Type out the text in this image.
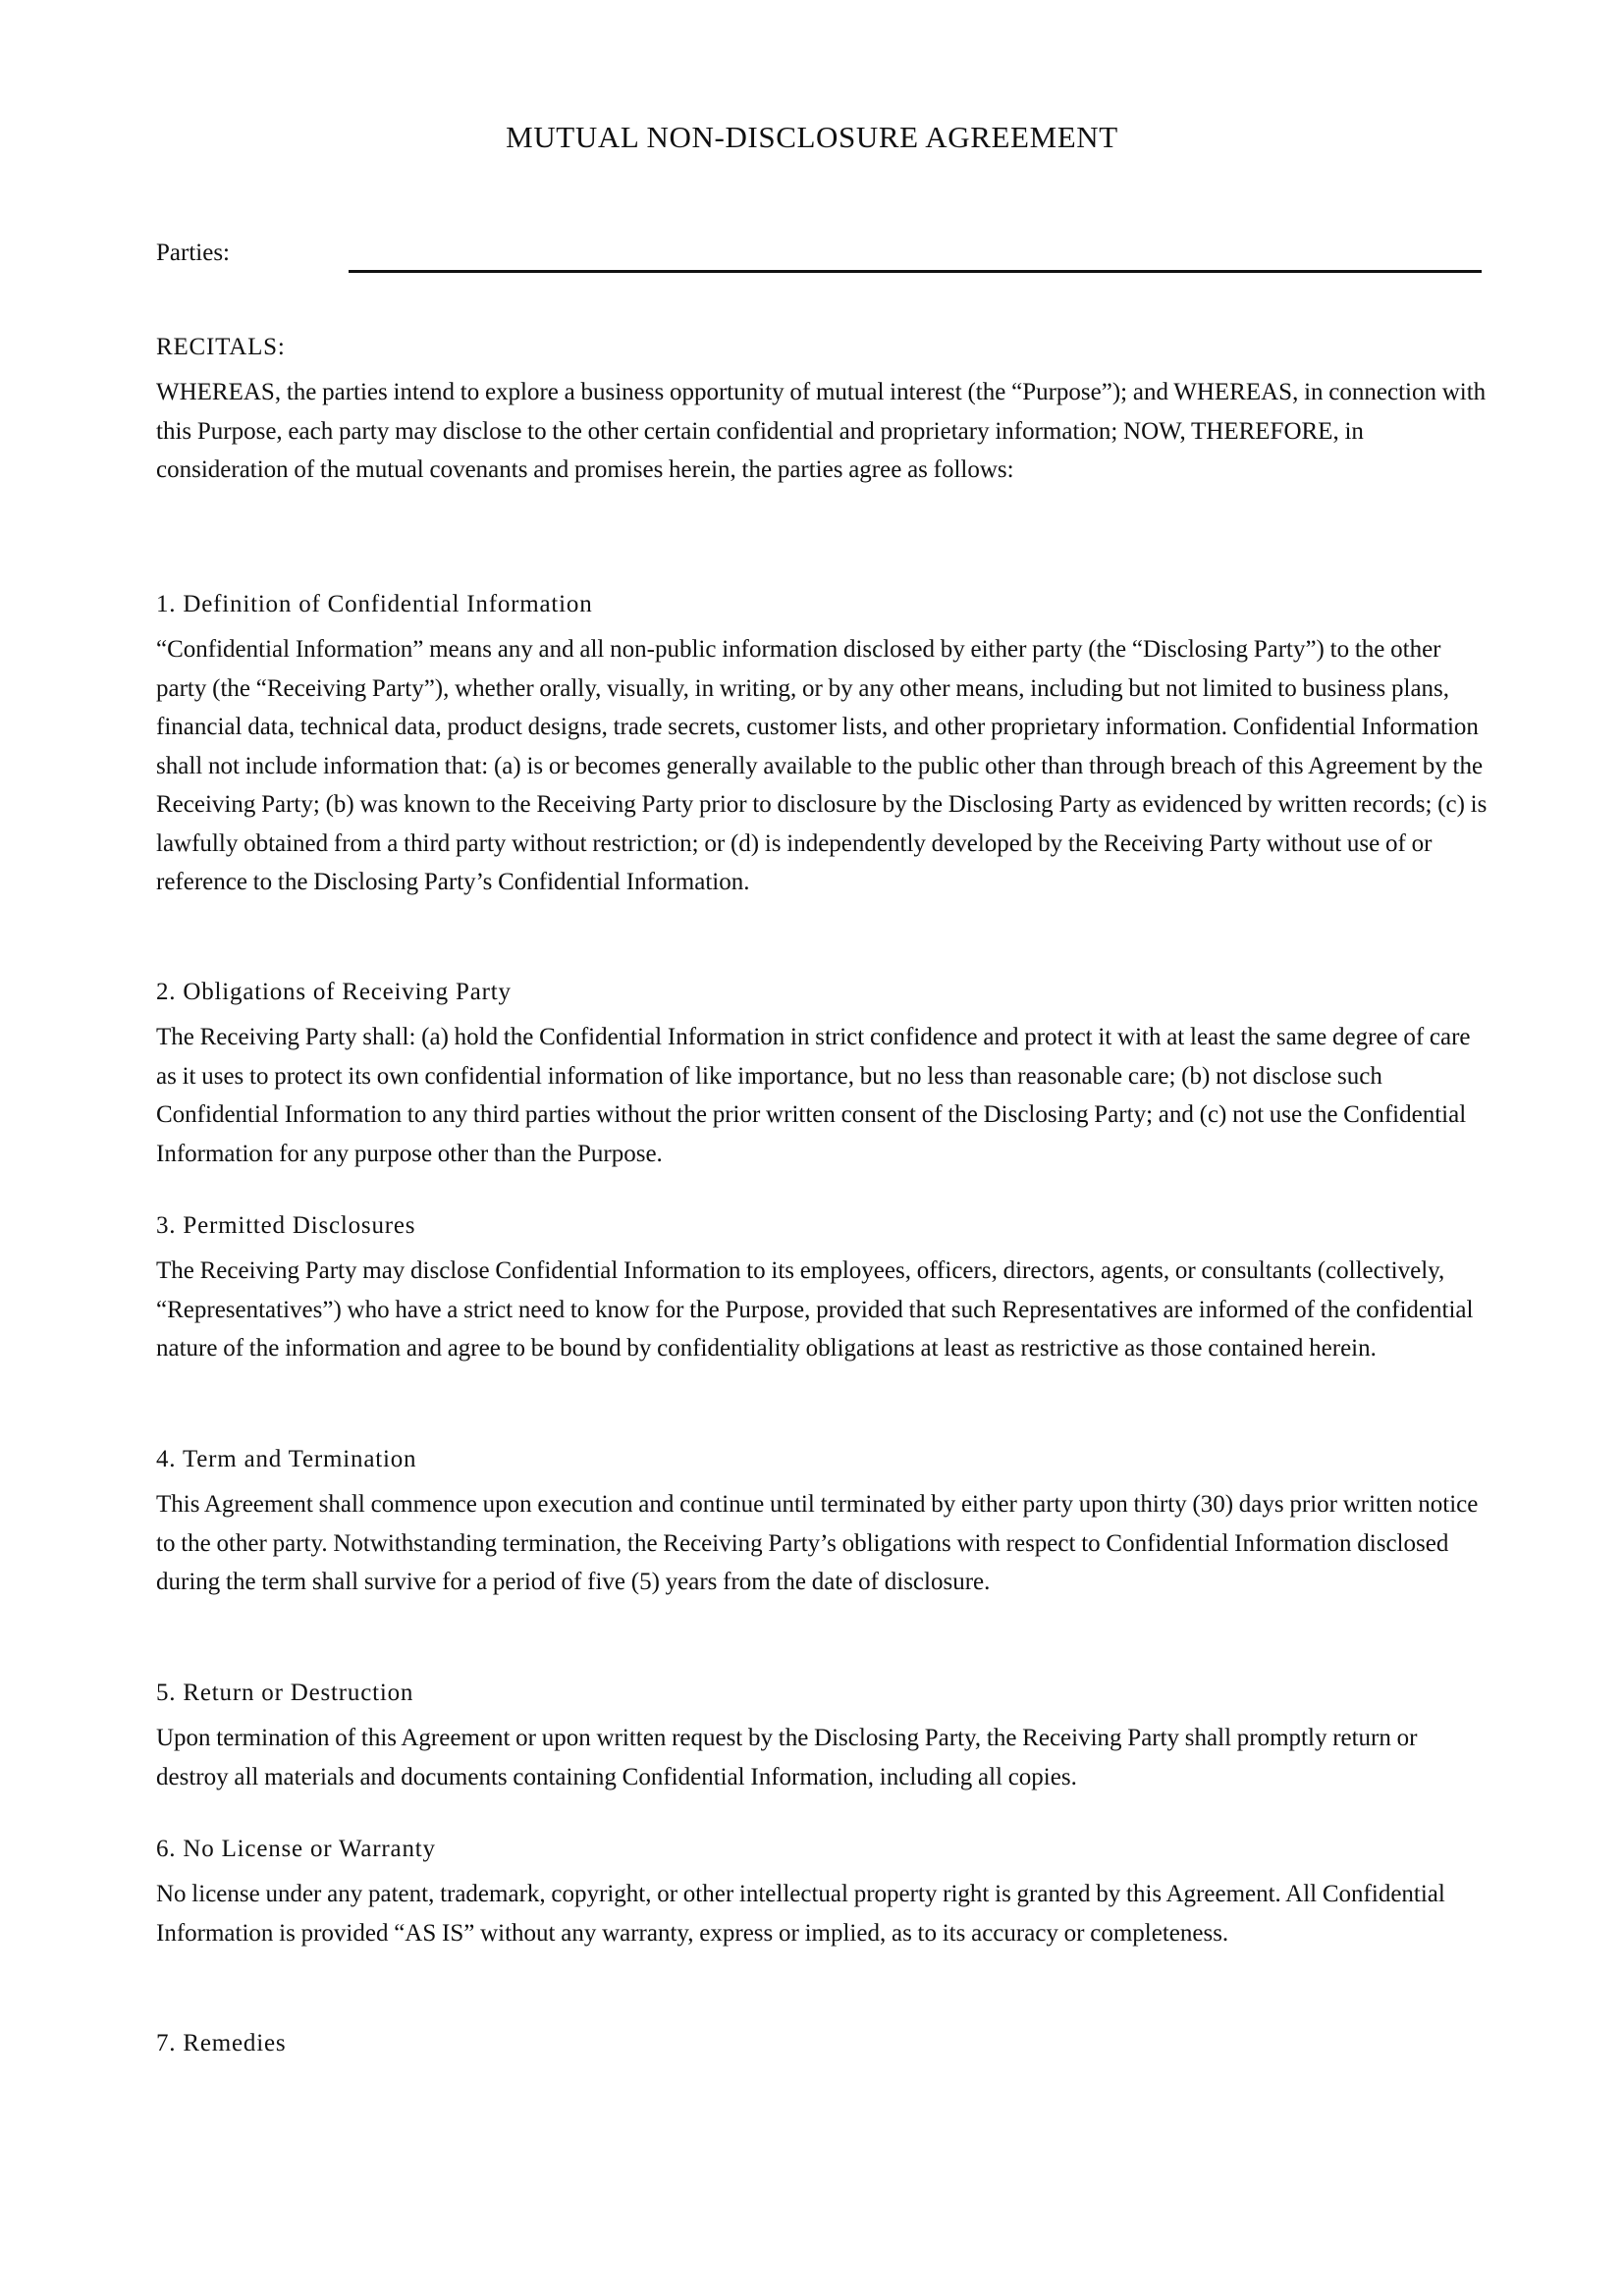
MUTUAL NON-DISCLOSURE AGREEMENT
Parties:
RECITALS:

WHEREAS, the parties intend to explore a business opportunity of mutual interest (the “Purpose”); and WHEREAS, in connection with this Purpose, each party may disclose to the other certain confidential and proprietary information; NOW, THEREFORE, in consideration of the mutual covenants and promises herein, the parties agree as follows:

1. Definition of Confidential Information

“Confidential Information” means any and all non-public information disclosed by either party (the “Disclosing Party”) to the other party (the “Receiving Party”), whether orally, visually, in writing, or by any other means, including but not limited to business plans, financial data, technical data, product designs, trade secrets, customer lists, and other proprietary information. Confidential Information shall not include information that: (a) is or becomes generally available to the public other than through breach of this Agreement by the Receiving Party; (b) was known to the Receiving Party prior to disclosure by the Disclosing Party as evidenced by written records; (c) is lawfully obtained from a third party without restriction; or (d) is independently developed by the Receiving Party without use of or reference to the Disclosing Party’s Confidential Information.

2. Obligations of Receiving Party

The Receiving Party shall: (a) hold the Confidential Information in strict confidence and protect it with at least the same degree of care as it uses to protect its own confidential information of like importance, but no less than reasonable care; (b) not disclose such Confidential Information to any third parties without the prior written consent of the Disclosing Party; and (c) not use the Confidential Information for any purpose other than the Purpose.

3. Permitted Disclosures

The Receiving Party may disclose Confidential Information to its employees, officers, directors, agents, or consultants (collectively, “Representatives”) who have a strict need to know for the Purpose, provided that such Representatives are informed of the confidential nature of the information and agree to be bound by confidentiality obligations at least as restrictive as those contained herein.

4. Term and Termination

This Agreement shall commence upon execution and continue until terminated by either party upon thirty (30) days prior written notice to the other party. Notwithstanding termination, the Receiving Party’s obligations with respect to Confidential Information disclosed during the term shall survive for a period of five (5) years from the date of disclosure.

5. Return or Destruction

Upon termination of this Agreement or upon written request by the Disclosing Party, the Receiving Party shall promptly return or destroy all materials and documents containing Confidential Information, including all copies.

6. No License or Warranty

No license under any patent, trademark, copyright, or other intellectual property right is granted by this Agreement. All Confidential Information is provided “AS IS” without any warranty, express or implied, as to its accuracy or completeness.

7. Remedies
